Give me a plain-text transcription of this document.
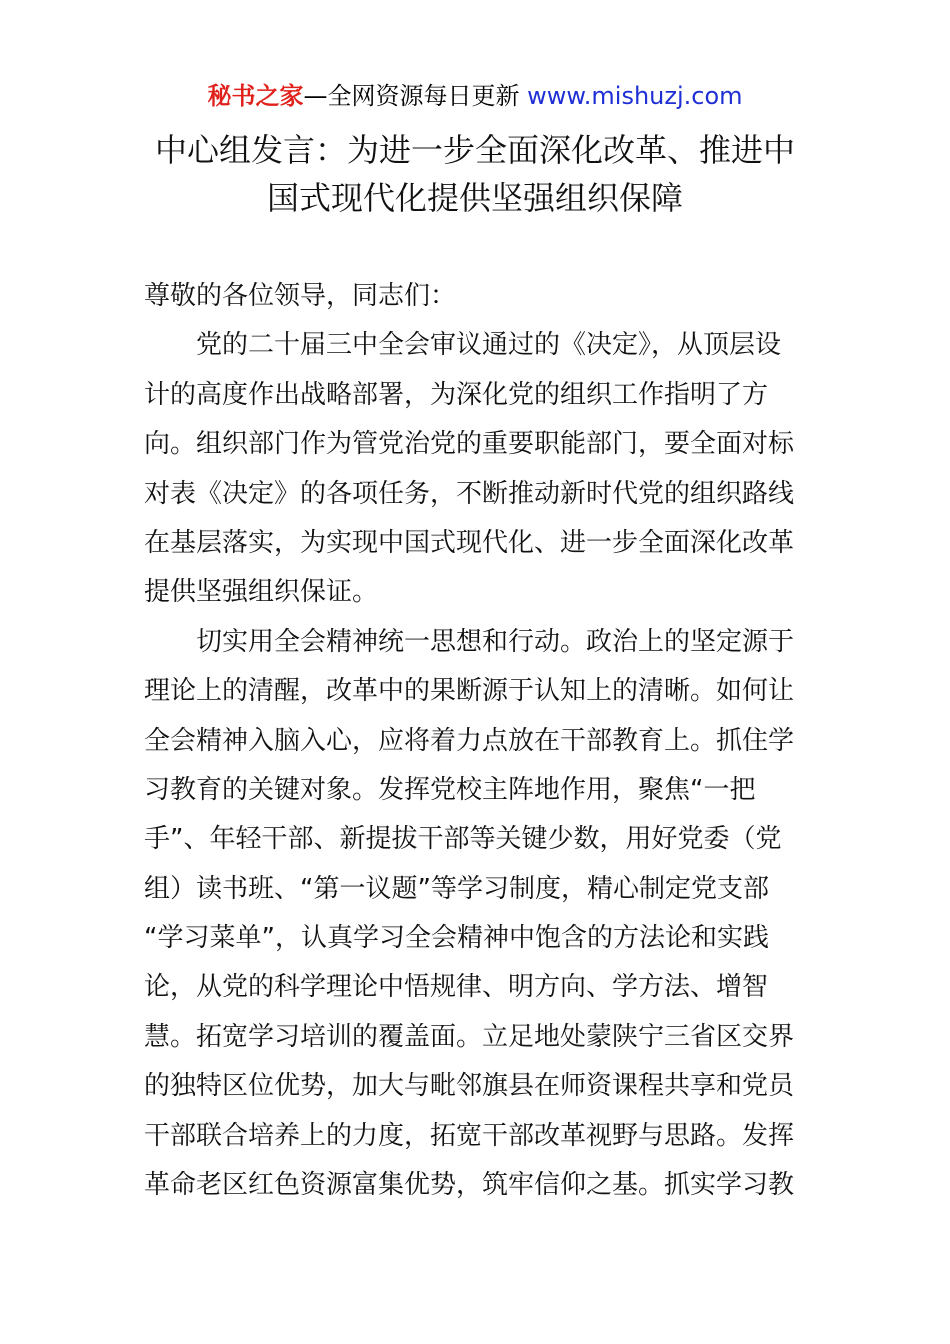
秘书之家—全网资源每日更新 www.mishuzj.com
中心组发言：为进一步全面深化改革、推进中
国式现代化提供坚强组织保障
尊敬的各位领导，同志们：
党的二十届三中全会审议通过的《决定》，从顶层设
计的高度作出战略部署，为深化党的组织工作指明了方
向。组织部门作为管党治党的重要职能部门，要全面对标
对表《决定》的各项任务，不断推动新时代党的组织路线
在基层落实，为实现中国式现代化、进一步全面深化改革
提供坚强组织保证。
切实用全会精神统一思想和行动。政治上的坚定源于
理论上的清醒，改革中的果断源于认知上的清晰。如何让
全会精神入脑入心，应将着力点放在干部教育上。抓住学
习教育的关键对象。发挥党校主阵地作用，聚焦“一把
手”、年轻干部、新提拔干部等关键少数，用好党委（党
组）读书班、“第一议题”等学习制度，精心制定党支部
“学习菜单”，认真学习全会精神中饱含的方法论和实践
论，从党的科学理论中悟规律、明方向、学方法、增智
慧。拓宽学习培训的覆盖面。立足地处蒙陕宁三省区交界
的独特区位优势，加大与毗邻旗县在师资课程共享和党员
干部联合培养上的力度，拓宽干部改革视野与思路。发挥
革命老区红色资源富集优势，筑牢信仰之基。抓实学习教
